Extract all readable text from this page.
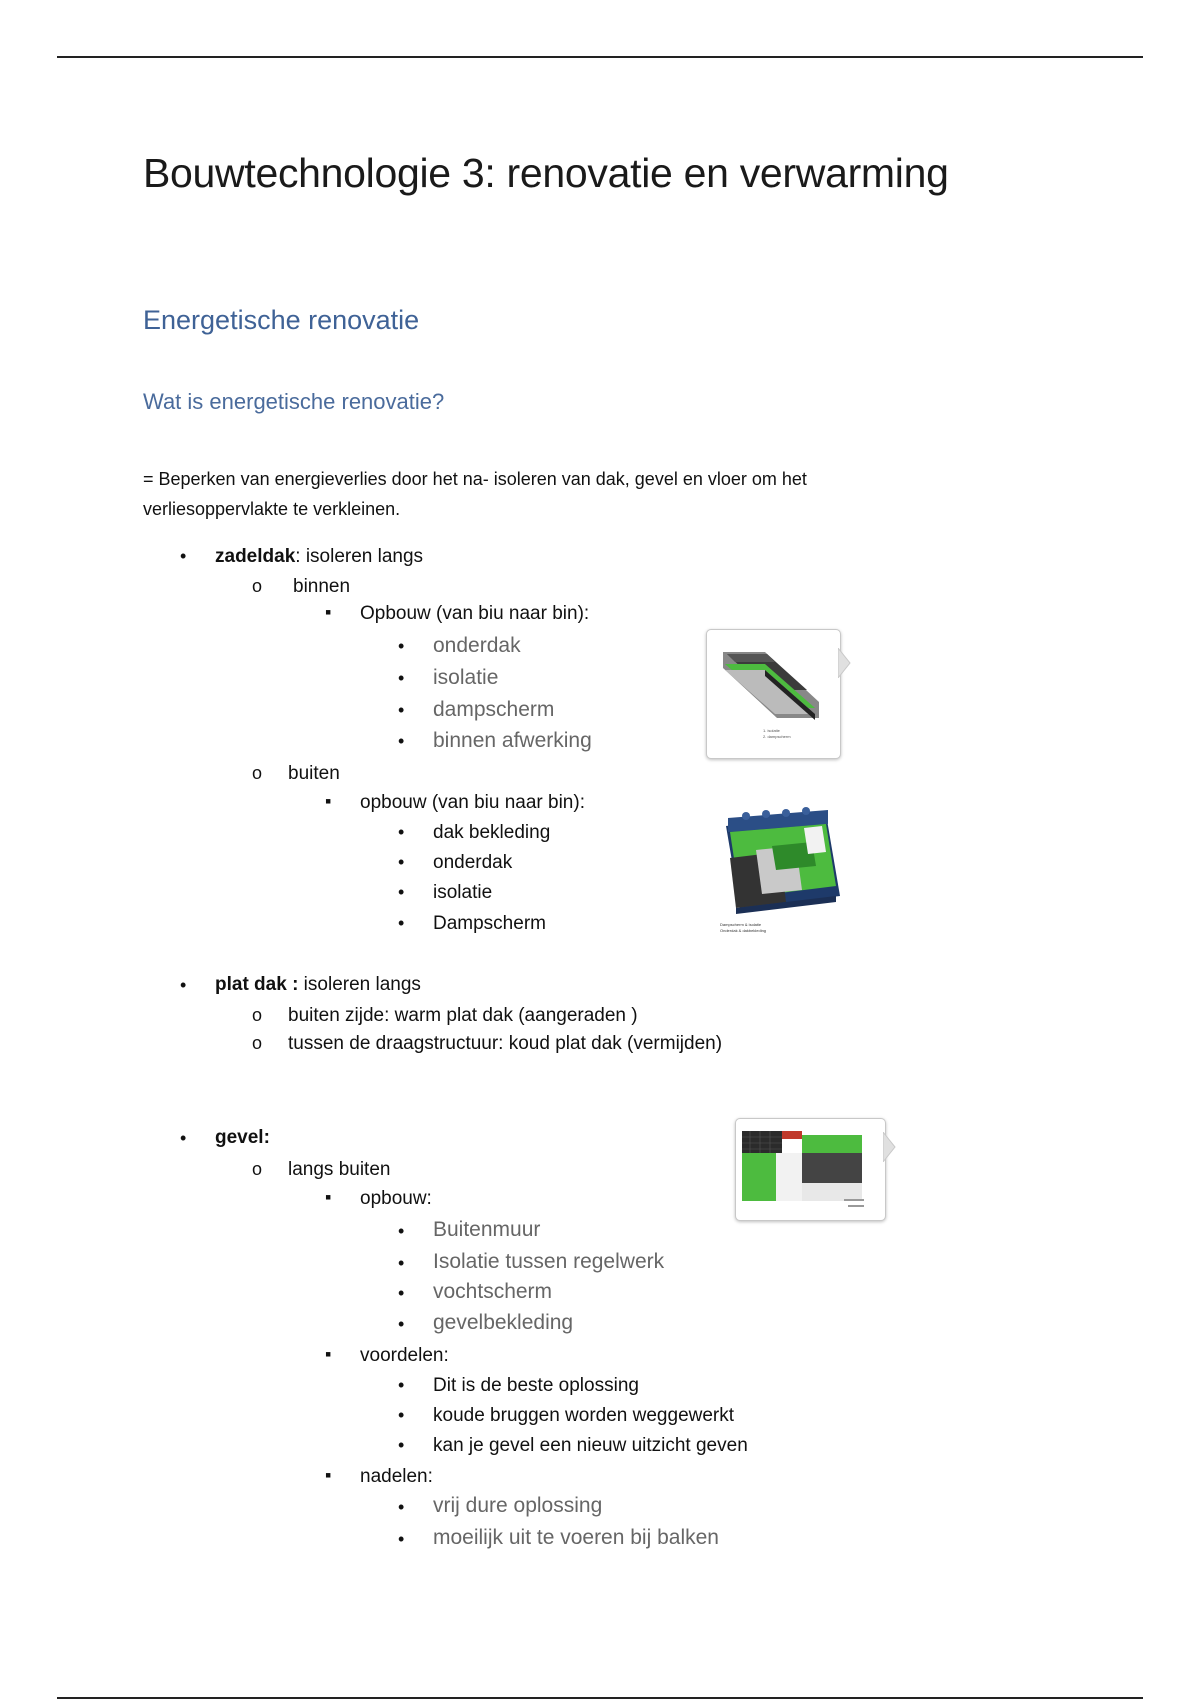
Bouwtechnologie 3: renovatie en verwarming
Energetische renovatie
Wat is energetische renovatie?
= Beperken van energieverlies door het na- isoleren van dak, gevel en vloer om het
verliesoppervlakte te verkleinen.
• zadeldak: isoleren langs
o binnen
▪ Opbouw (van biu naar bin):
• onderdak
• isolatie
• dampscherm
• binnen afwerking	1. isolatie
2. dampscherm
o buiten
▪ opbouw (van biu naar bin):
• dak bekleding
• onderdak
• isolatie
• Dampscherm	Dampscherm & isolatie
Onderdak & dakbekleding
• plat dak : isoleren langs
o buiten zijde: warm plat dak (aangeraden )
o tussen de draagstructuur: koud plat dak (vermijden)
• gevel:
o langs buiten
▪ opbouw:
• Buitenmuur
• Isolatie tussen regelwerk
• vochtscherm
• gevelbekleding
▪ voordelen:
• Dit is de beste oplossing
• koude bruggen worden weggewerkt
• kan je gevel een nieuw uitzicht geven
▪ nadelen:
• vrij dure oplossing
• moeilijk uit te voeren bij balken
